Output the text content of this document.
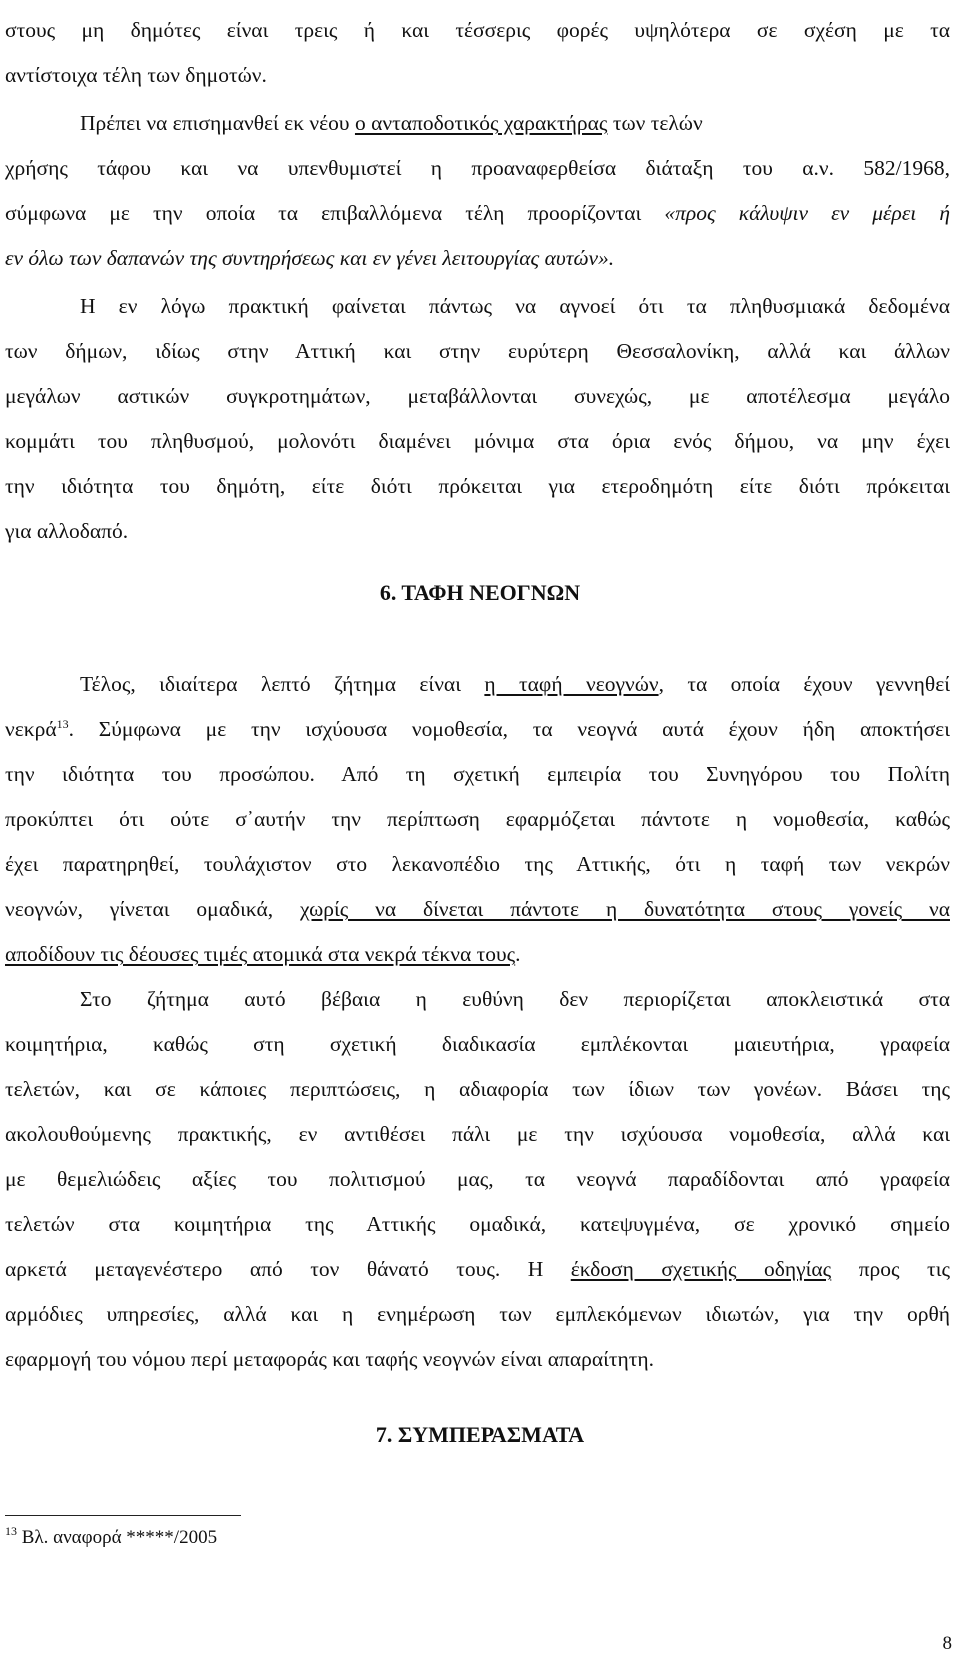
στους μη δημότες είναι τρεις ή και τέσσερις φορές υψηλότερα σε σχέση με τα
αντίστοιχα τέλη των δημοτών.
Πρέπει να επισημανθεί εκ νέου ο ανταποδοτικός χαρακτήρας των τελών
χρήσης τάφου και να υπενθυμιστεί η προαναφερθείσα διάταξη του α.ν. 582/1968,
σύμφωνα με την οποία τα επιβαλλόμενα τέλη προορίζονται «προς κάλυψιν εν μέρει ή
εν όλω των δαπανών της συντηρήσεως και εν γένει λειτουργίας αυτών».
Η εν λόγω πρακτική φαίνεται πάντως να αγνοεί ότι τα πληθυσμιακά δεδομένα
των δήμων, ιδίως στην Αττική και στην ευρύτερη Θεσσαλονίκη, αλλά και άλλων
μεγάλων αστικών συγκροτημάτων, μεταβάλλονται συνεχώς, με αποτέλεσμα μεγάλο
κομμάτι του πληθυσμού, μολονότι διαμένει μόνιμα στα όρια ενός δήμου, να μην έχει
την ιδιότητα του δημότη, είτε διότι πρόκειται για ετεροδημότη είτε διότι πρόκειται
για αλλοδαπό.
Τέλος, ιδιαίτερα λεπτό ζήτημα είναι η ταφή νεογνών, τα οποία έχουν γεννηθεί
νεκρά$^{13}$. Σύμφωνα με την ισχύουσα νομοθεσία, τα νεογνά αυτά έχουν ήδη αποκτήσει
την ιδιότητα του προσώπου. Από τη σχετική εμπειρία του Συνηγόρου του Πολίτη
προκύπτει ότι ούτε σ᾽αυτήν την περίπτωση εφαρμόζεται πάντοτε η νομοθεσία, καθώς
έχει παρατηρηθεί, τουλάχιστον στο λεκανοπέδιο της Αττικής, ότι η ταφή των νεκρών
νεογνών, γίνεται ομαδικά, χωρίς να δίνεται πάντοτε η δυνατότητα στους γονείς να
αποδίδουν τις δέουσες τιμές ατομικά στα νεκρά τέκνα τους.
Στο ζήτημα αυτό βέβαια η ευθύνη δεν περιορίζεται αποκλειστικά στα
κοιμητήρια, καθώς στη σχετική διαδικασία εμπλέκονται μαιευτήρια, γραφεία
τελετών, και σε κάποιες περιπτώσεις, η αδιαφορία των ίδιων των γονέων. Βάσει της
ακολουθούμενης πρακτικής, εν αντιθέσει πάλι με την ισχύουσα νομοθεσία, αλλά και
με θεμελιώδεις αξίες του πολιτισμού μας, τα νεογνά παραδίδονται από γραφεία
τελετών στα κοιμητήρια της Αττικής ομαδικά, κατεψυγμένα, σε χρονικό σημείο
αρκετά μεταγενέστερο από τον θάνατό τους. Η έκδοση σχετικής οδηγίας προς τις
αρμόδιες υπηρεσίες, αλλά και η ενημέρωση των εμπλεκόμενων ιδιωτών, για την ορθή
εφαρμογή του νόμου περί μεταφοράς και ταφής νεογνών είναι απαραίτητη.
6. ΤΑΦΗ ΝΕΟΓΝΩΝ
7. ΣΥΜΠΕΡΑΣΜΑΤΑ
$^{13}$ Βλ. αναφορά *****/2005
8
